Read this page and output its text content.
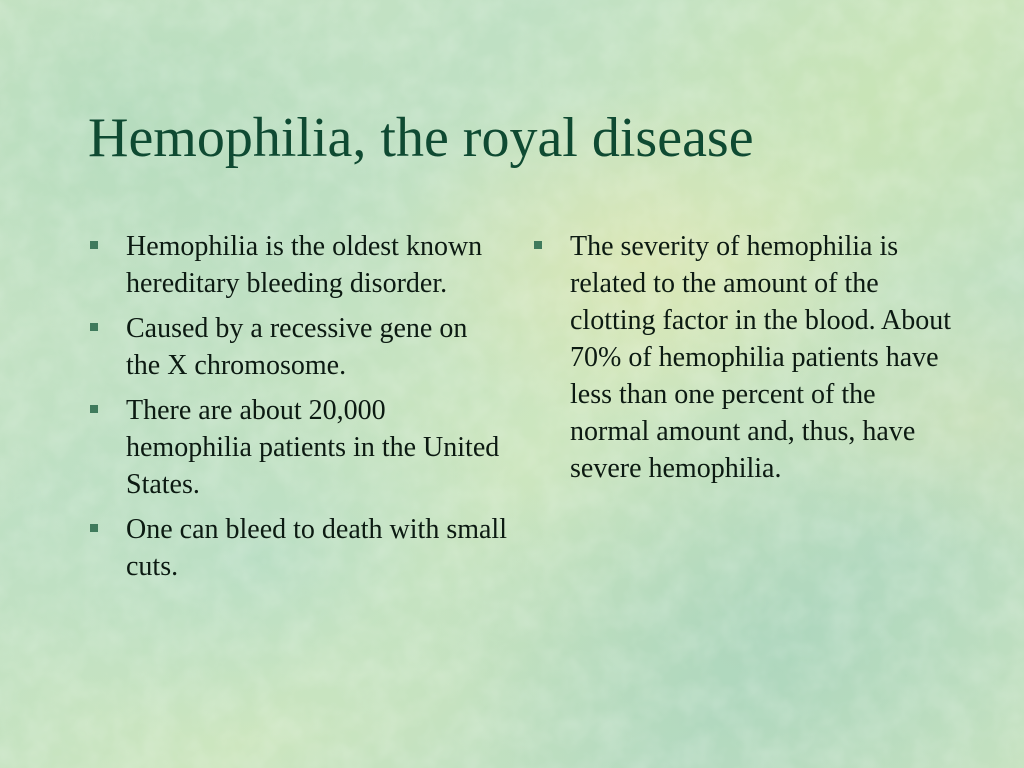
Hemophilia, the royal disease
Hemophilia is the oldest known hereditary bleeding disorder.
Caused by a recessive gene on the X chromosome.
There are about 20,000 hemophilia patients in the United States.
One can bleed to death with small cuts.
The severity of hemophilia is related to the amount of the clotting factor in the blood. About 70% of hemophilia patients have less than one percent of the normal amount and, thus, have severe hemophilia.
